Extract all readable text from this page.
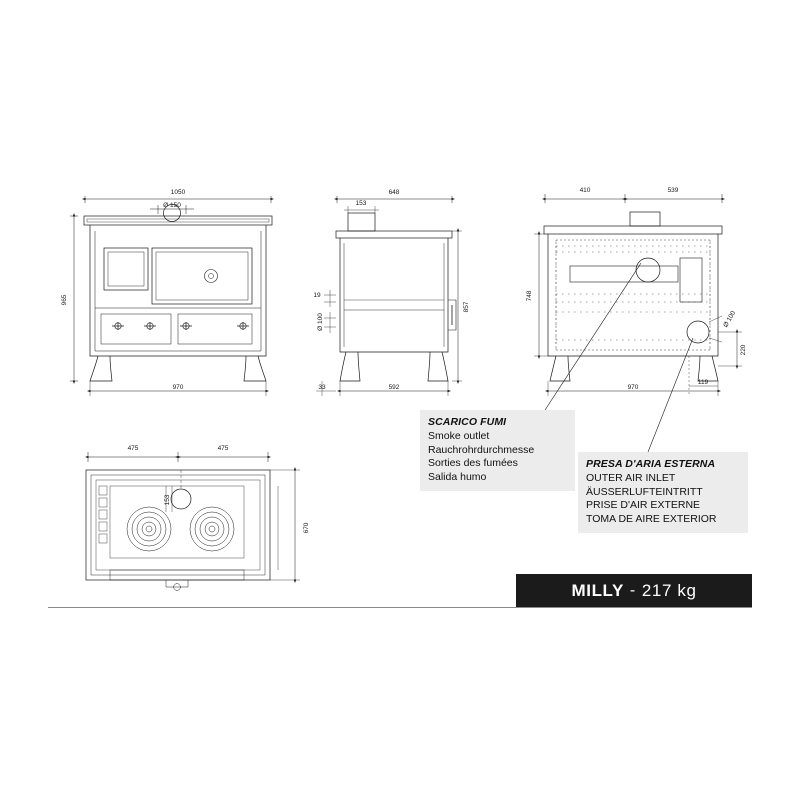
1050
Ø 150
970
648
153
592
33
19
410	539
970
119
475	475
965
857
Ø 100
748
220
Ø 100
670
153
SCARICO FUMI
Smoke outlet
Rauchrohrdurchmesse
Sorties des fumées
Salida humo
PRESA D'ARIA ESTERNA
OUTER AIR INLET
ÄUSSERLUFTEINTRITT
PRISE D'AIR EXTERNE
TOMA DE AIRE EXTERIOR
MILLY - 217 kg
